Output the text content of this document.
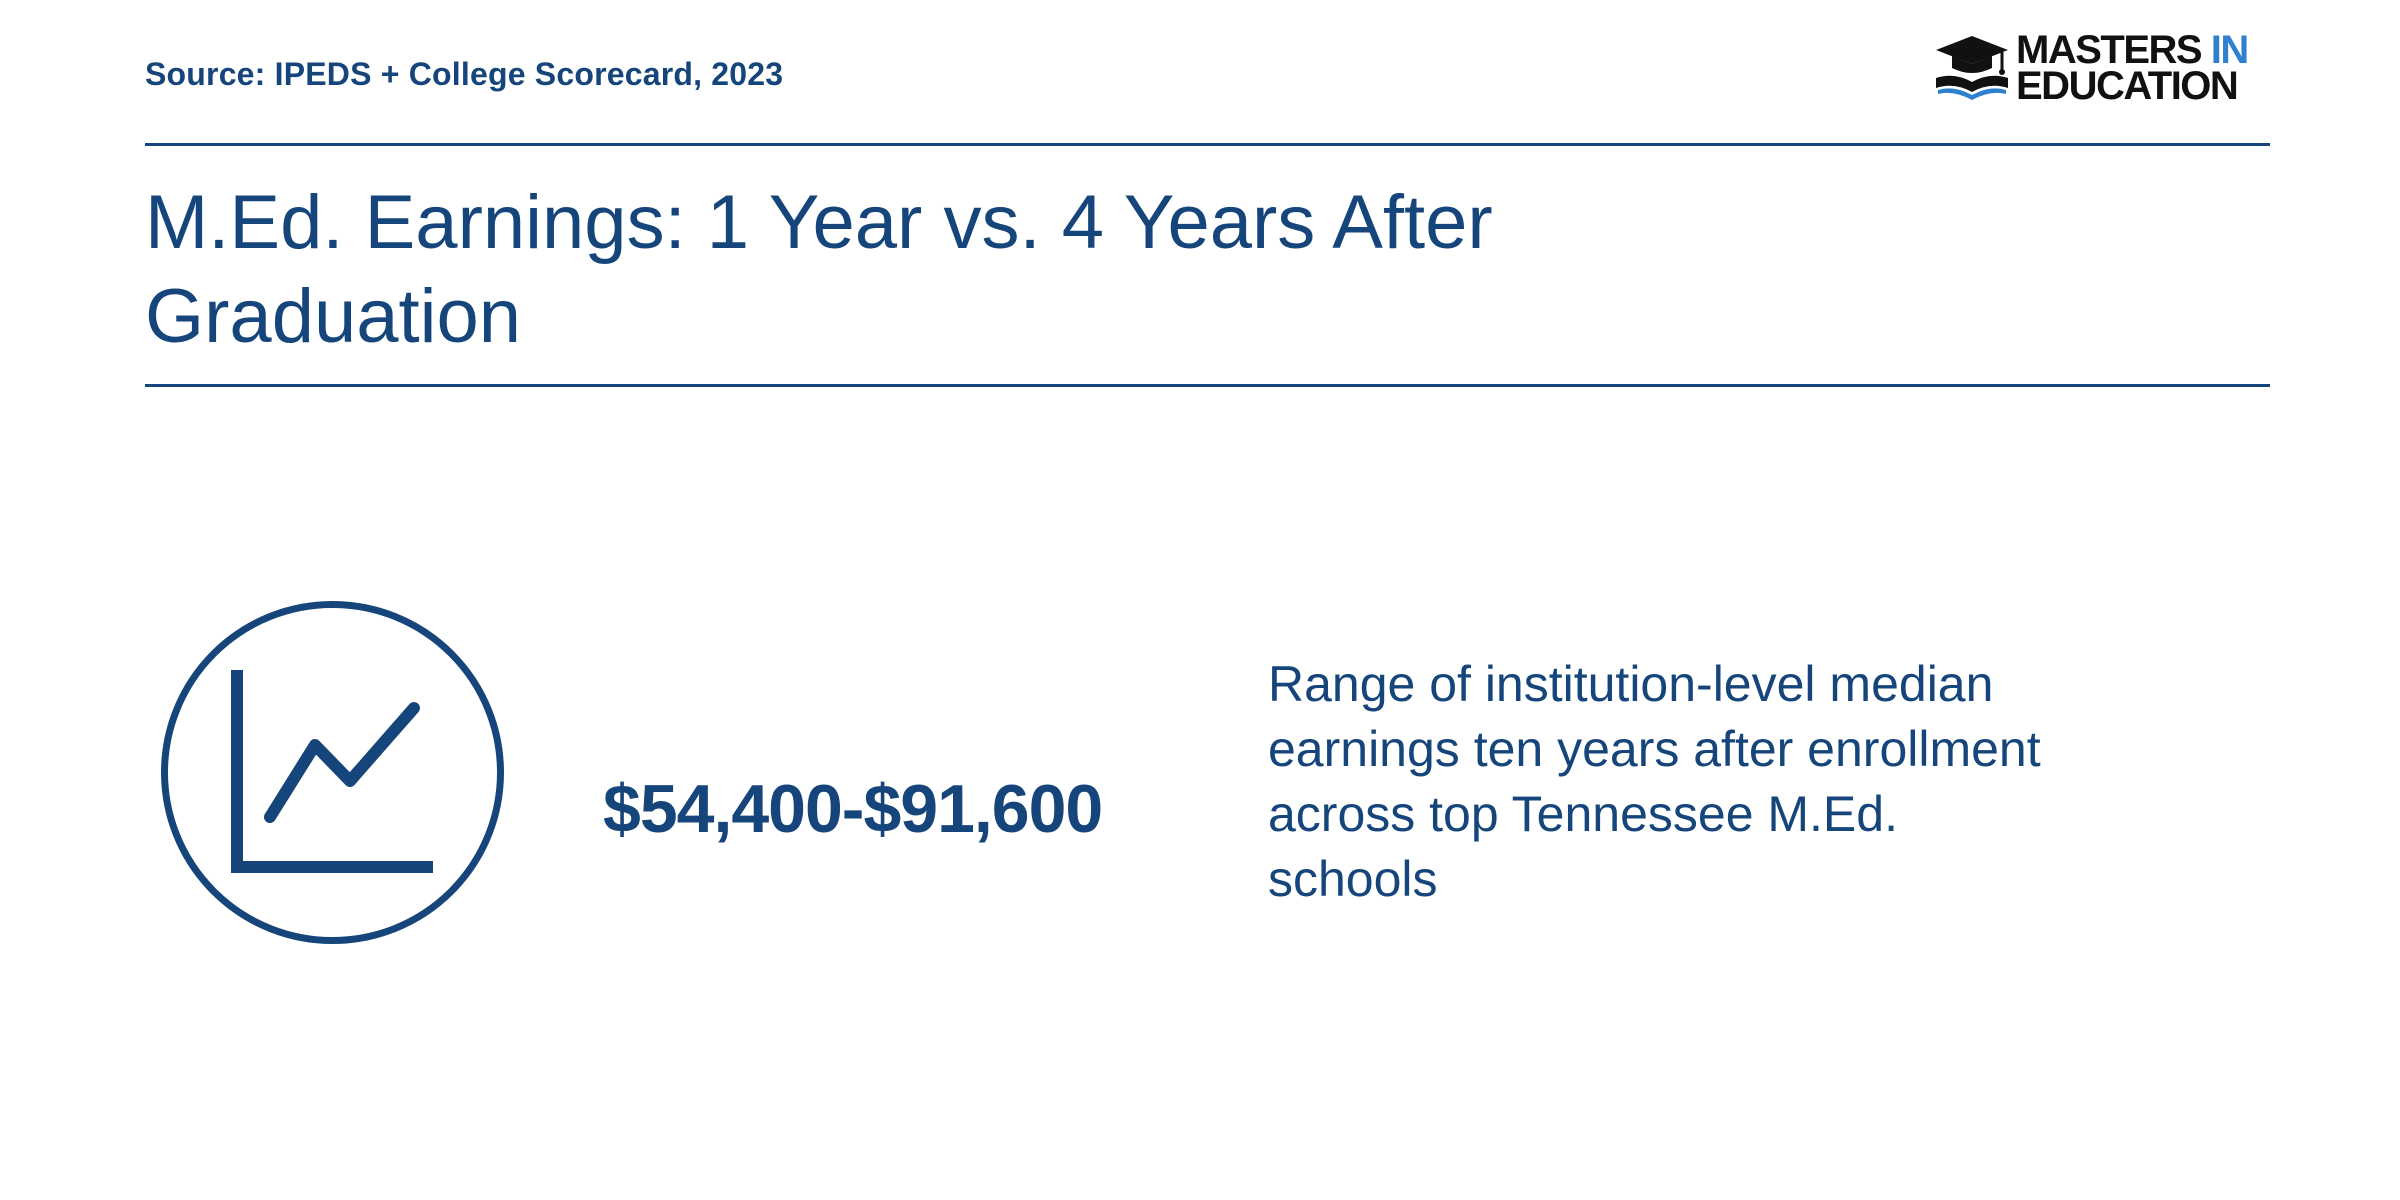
Source: IPEDS + College Scorecard, 2023
MASTERS IN
EDUCATION
M.Ed. Earnings: 1 Year vs. 4 Years After Graduation
$54,400-$91,600
Range of institution-level median earnings ten years after enrollment across top Tennessee M.Ed. schools
